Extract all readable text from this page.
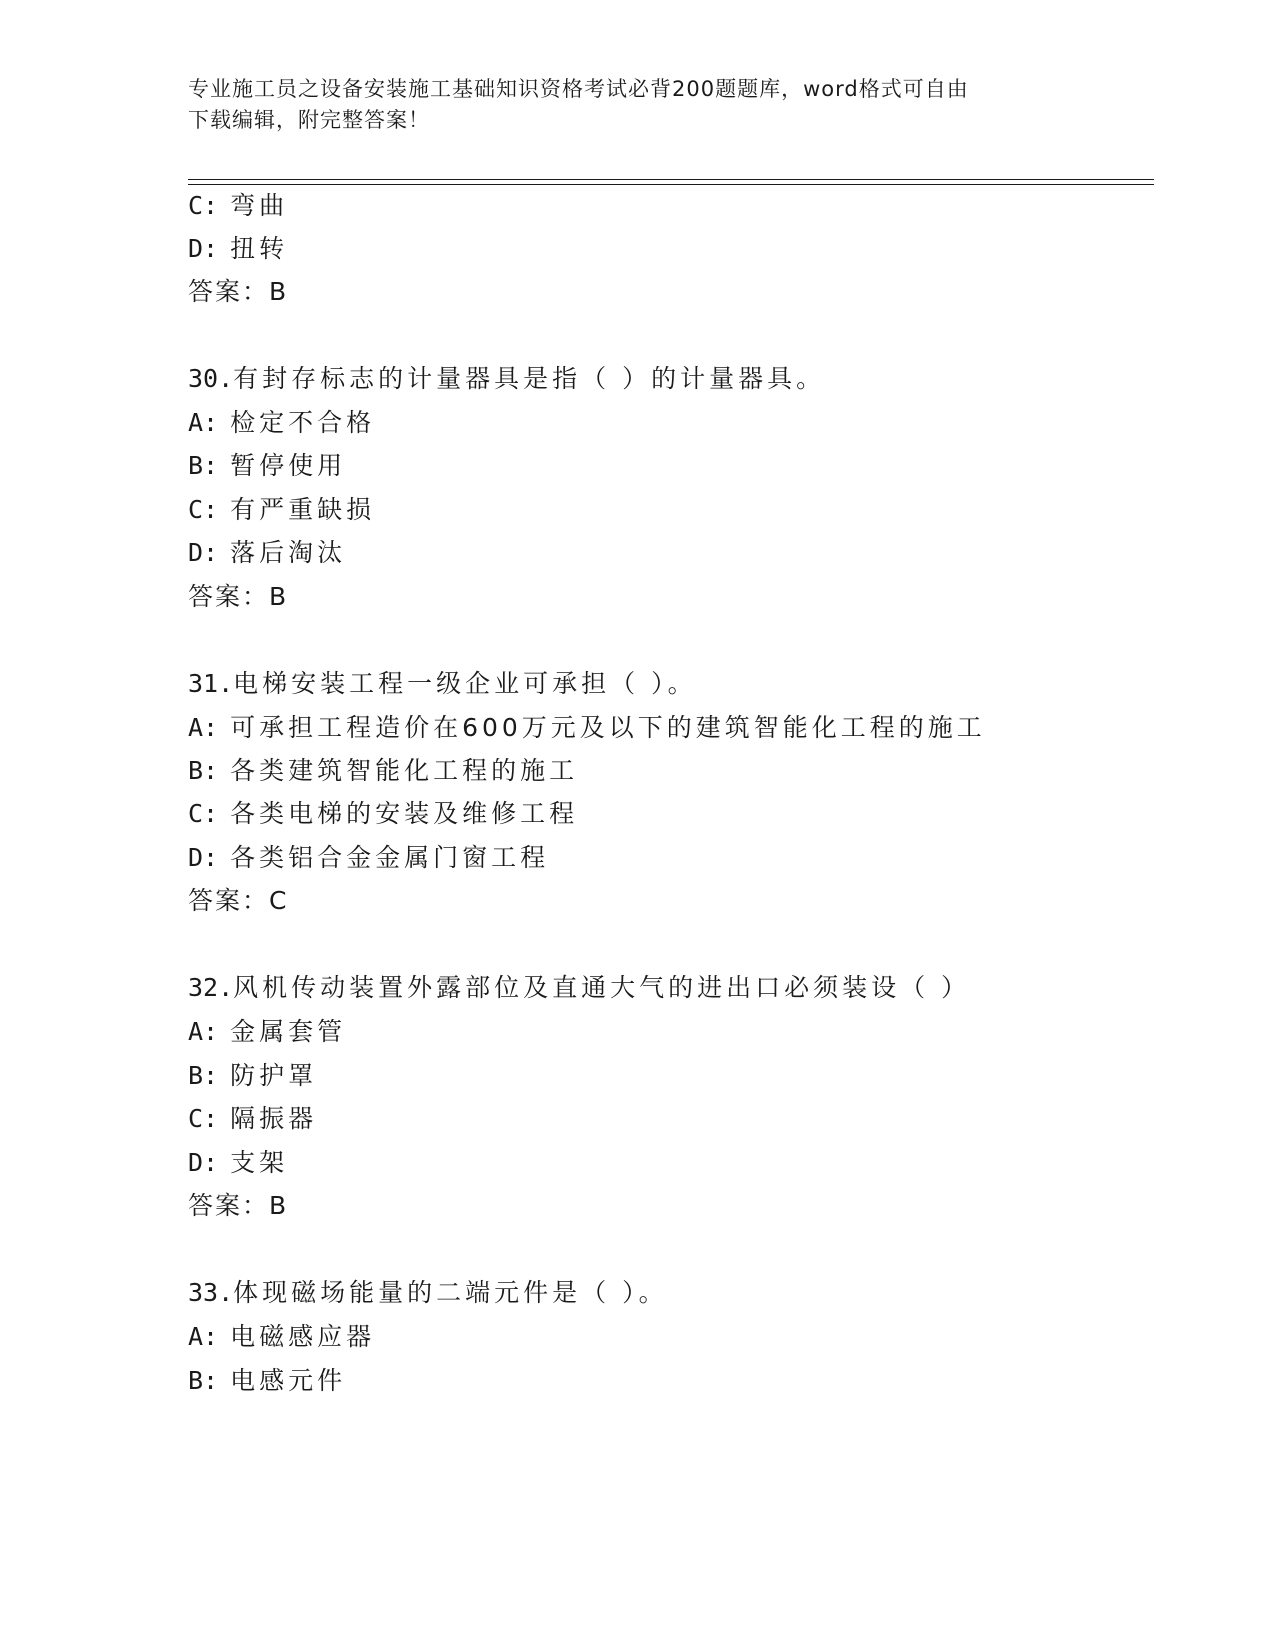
专业施工员之设备安装施工基础知识资格考试必背200题题库，word格式可自由
下载编辑，附完整答案！
C: 弯曲
D: 扭转
答案：B
30.有封存标志的计量器具是指（ ）的计量器具。
A: 检定不合格
B: 暂停使用
C: 有严重缺损
D: 落后淘汰
答案：B
31.电梯安装工程一级企业可承担（ ）。
A: 可承担工程造价在600万元及以下的建筑智能化工程的施工
B: 各类建筑智能化工程的施工
C: 各类电梯的安装及维修工程
D: 各类铝合金金属门窗工程
答案：C
32.风机传动装置外露部位及直通大气的进出口必须装设（ ）
A: 金属套管
B: 防护罩
C: 隔振器
D: 支架
答案：B
33.体现磁场能量的二端元件是（ ）。
A: 电磁感应器
B: 电感元件
